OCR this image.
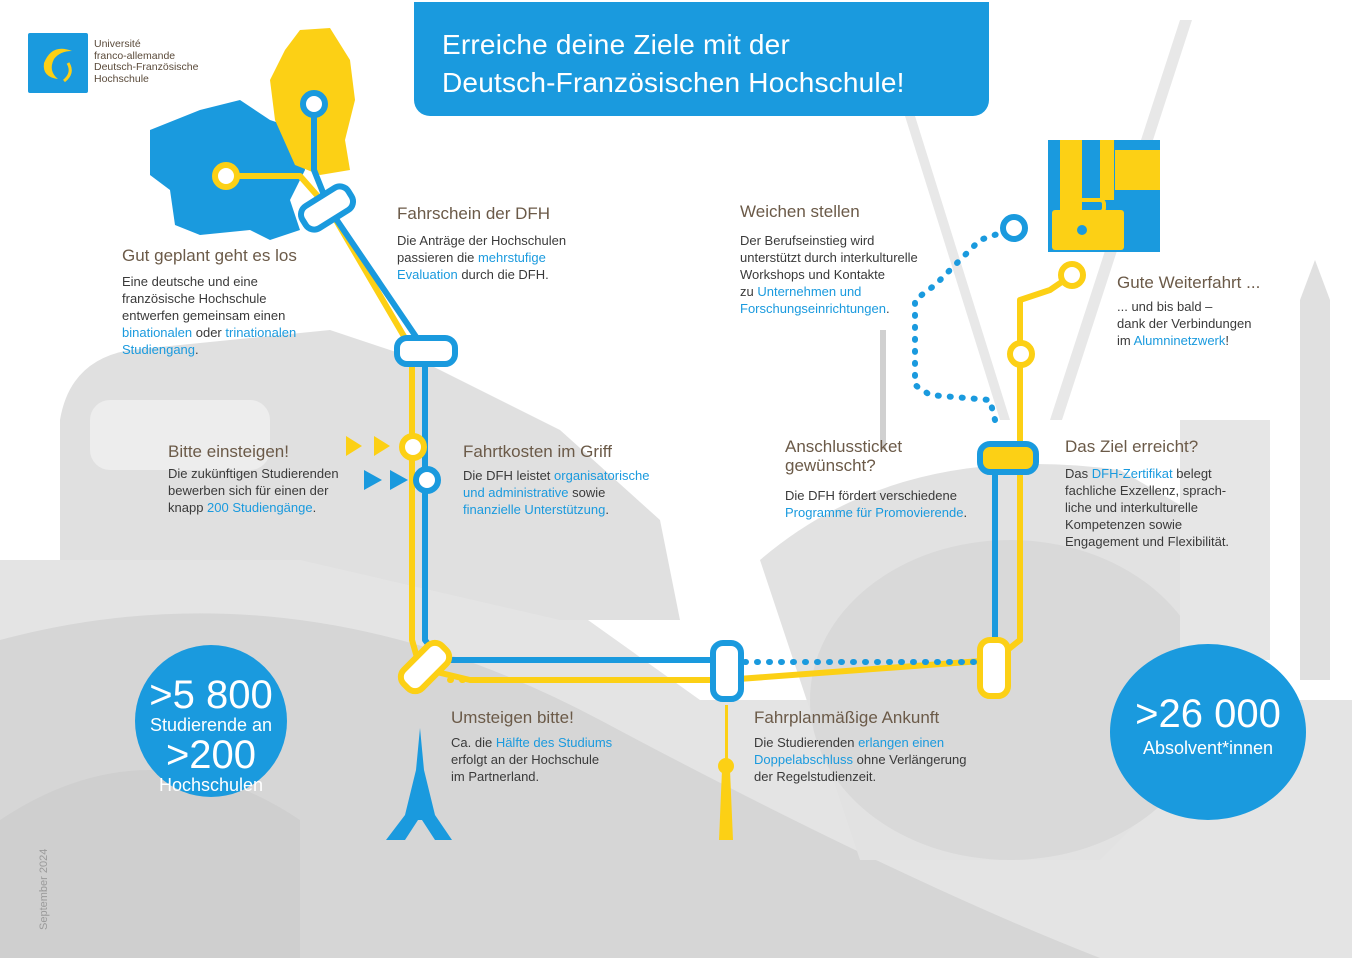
Université
franco-allemande
Deutsch-Französische
Hochschule
Erreiche deine Ziele mit der
Deutsch-Französischen Hochschule!
Gut geplant geht es los
Eine deutsche und eine
französische Hochschule
entwerfen gemeinsam einen
binationalen oder trinationalen
Studiengang.
Fahrschein der DFH
Die Anträge der Hochschulen
passieren die mehrstufige
Evaluation durch die DFH.
Bitte einsteigen!
Die zukünftigen Studierenden
bewerben sich für einen der
knapp 200 Studiengänge.
Fahrtkosten im Griff
Die DFH leistet organisatorische
und administrative sowie
finanzielle Unterstützung.
Weichen stellen
Der Berufseinstieg wird
unterstützt durch interkulturelle
Workshops und Kontakte
zu Unternehmen und
Forschungseinrichtungen.
Gute Weiterfahrt ...
... und bis bald –
dank der Verbindungen
im Alumninetzwerk!
Anschlussticket
gewünscht?
Die DFH fördert verschiedene
Programme für Promovierende.
Das Ziel erreicht?
Das DFH-Zertifikat belegt
fachliche Exzellenz, sprach-
liche und interkulturelle
Kompetenzen sowie
Engagement und Flexibilität.
Umsteigen bitte!
Ca. die Hälfte des Studiums
erfolgt an der Hochschule
im Partnerland.
Fahrplanmäßige Ankunft
Die Studierenden erlangen einen
Doppelabschluss ohne Verlängerung
der Regelstudienzeit.
>5 800
Studierende an
>200
Hochschulen
>26 000
Absolvent*innen
September 2024
